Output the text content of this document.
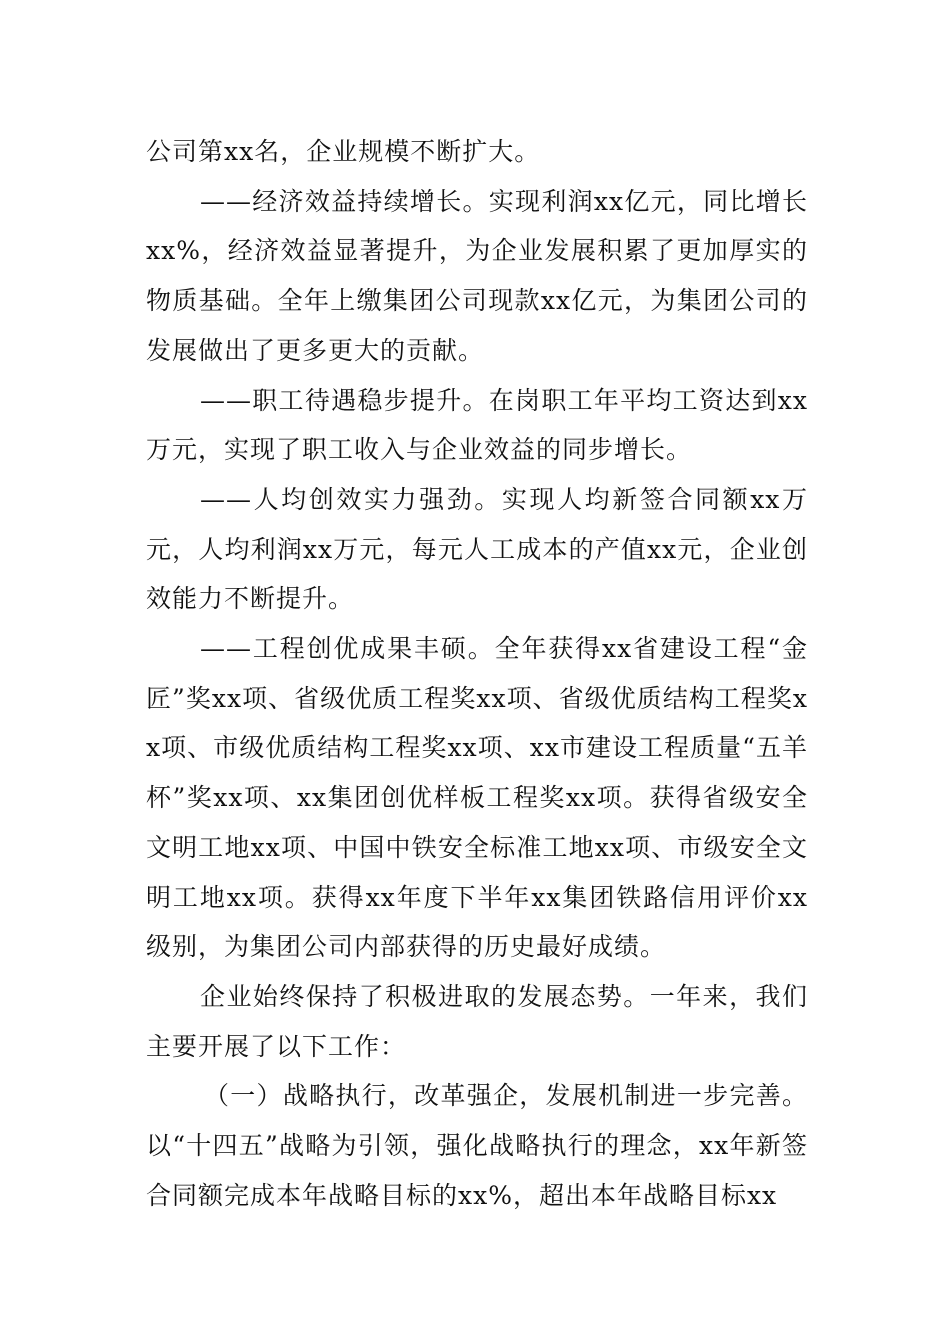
公司第xx名，企业规模不断扩大。

——经济效益持续增长。实现利润xx亿元，同比增长xx%，经济效益显著提升，为企业发展积累了更加厚实的物质基础。全年上缴集团公司现款xx亿元，为集团公司的发展做出了更多更大的贡献。

——职工待遇稳步提升。在岗职工年平均工资达到xx万元，实现了职工收入与企业效益的同步增长。

——人均创效实力强劲。实现人均新签合同额xx万元，人均利润xx万元，每元人工成本的产值xx元，企业创效能力不断提升。

——工程创优成果丰硕。全年获得xx省建设工程“金匠”奖xx项、省级优质工程奖xx项、省级优质结构工程奖xx项、市级优质结构工程奖xx项、xx市建设工程质量“五羊杯”奖xx项、xx集团创优样板工程奖xx项。获得省级安全文明工地xx项、中国中铁安全标准工地xx项、市级安全文明工地xx项。获得xx年度下半年xx集团铁路信用评价xx级别，为集团公司内部获得的历史最好成绩。

企业始终保持了积极进取的发展态势。一年来，我们主要开展了以下工作：

（一）战略执行，改革强企，发展机制进一步完善。以“十四五”战略为引领，强化战略执行的理念，xx年新签合同额完成本年战略目标的xx%，超出本年战略目标xx
